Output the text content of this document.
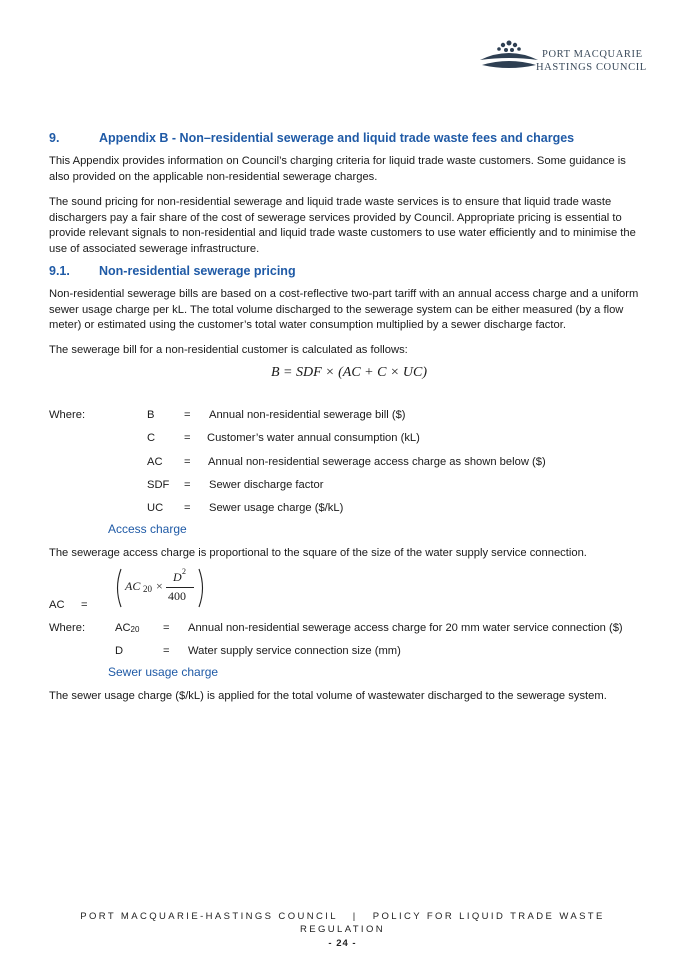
PORT MACQUARIE
HASTINGS COUNCIL
9.	Appendix B - Non–residential sewerage and liquid trade waste fees and charges
This Appendix provides information on Council’s charging criteria for liquid trade waste customers. Some guidance is also provided on the applicable non-residential sewerage charges.
The sound pricing for non-residential sewerage and liquid trade waste services is to ensure that liquid trade waste dischargers pay a fair share of the cost of sewerage services provided by Council. Appropriate pricing is essential to provide relevant signals to non-residential and liquid trade waste customers to use water efficiently and to minimise the use of associated sewerage infrastructure.
9.1. Non-residential sewerage pricing
Non-residential sewerage bills are based on a cost-reflective two-part tariff with an annual access charge and a uniform sewer usage charge per kL. The total volume discharged to the sewerage system can be either measured (by a flow meter) or estimated using the customer’s total water consumption multiplied by a sewer discharge factor.
The sewerage bill for a non-residential customer is calculated as follows:
B = SDF × (AC + C × UC)
Where:	B	= Annual non-residential sewerage bill ($)
C	= Customer’s water annual consumption (kL)
AC = Annual non-residential sewerage access charge as shown below ($)
SDF = Sewer discharge factor
UC = Sewer usage charge ($/kL)
Access charge
The sewerage access charge is proportional to the square of the size of the water supply service connection.
AC =
AC 20 ×
D 2
400
Where:	AC20 = Annual non-residential sewerage access charge for 20 mm water service connection ($)
D	= Water supply service connection size (mm)
Sewer usage charge
The sewer usage charge ($/kL) is applied for the total volume of wastewater discharged to the sewerage system.
PORT MACQUARIE-HASTINGS COUNCIL   |   POLICY FOR LIQUID TRADE WASTE
REGULATION
- 24 -
